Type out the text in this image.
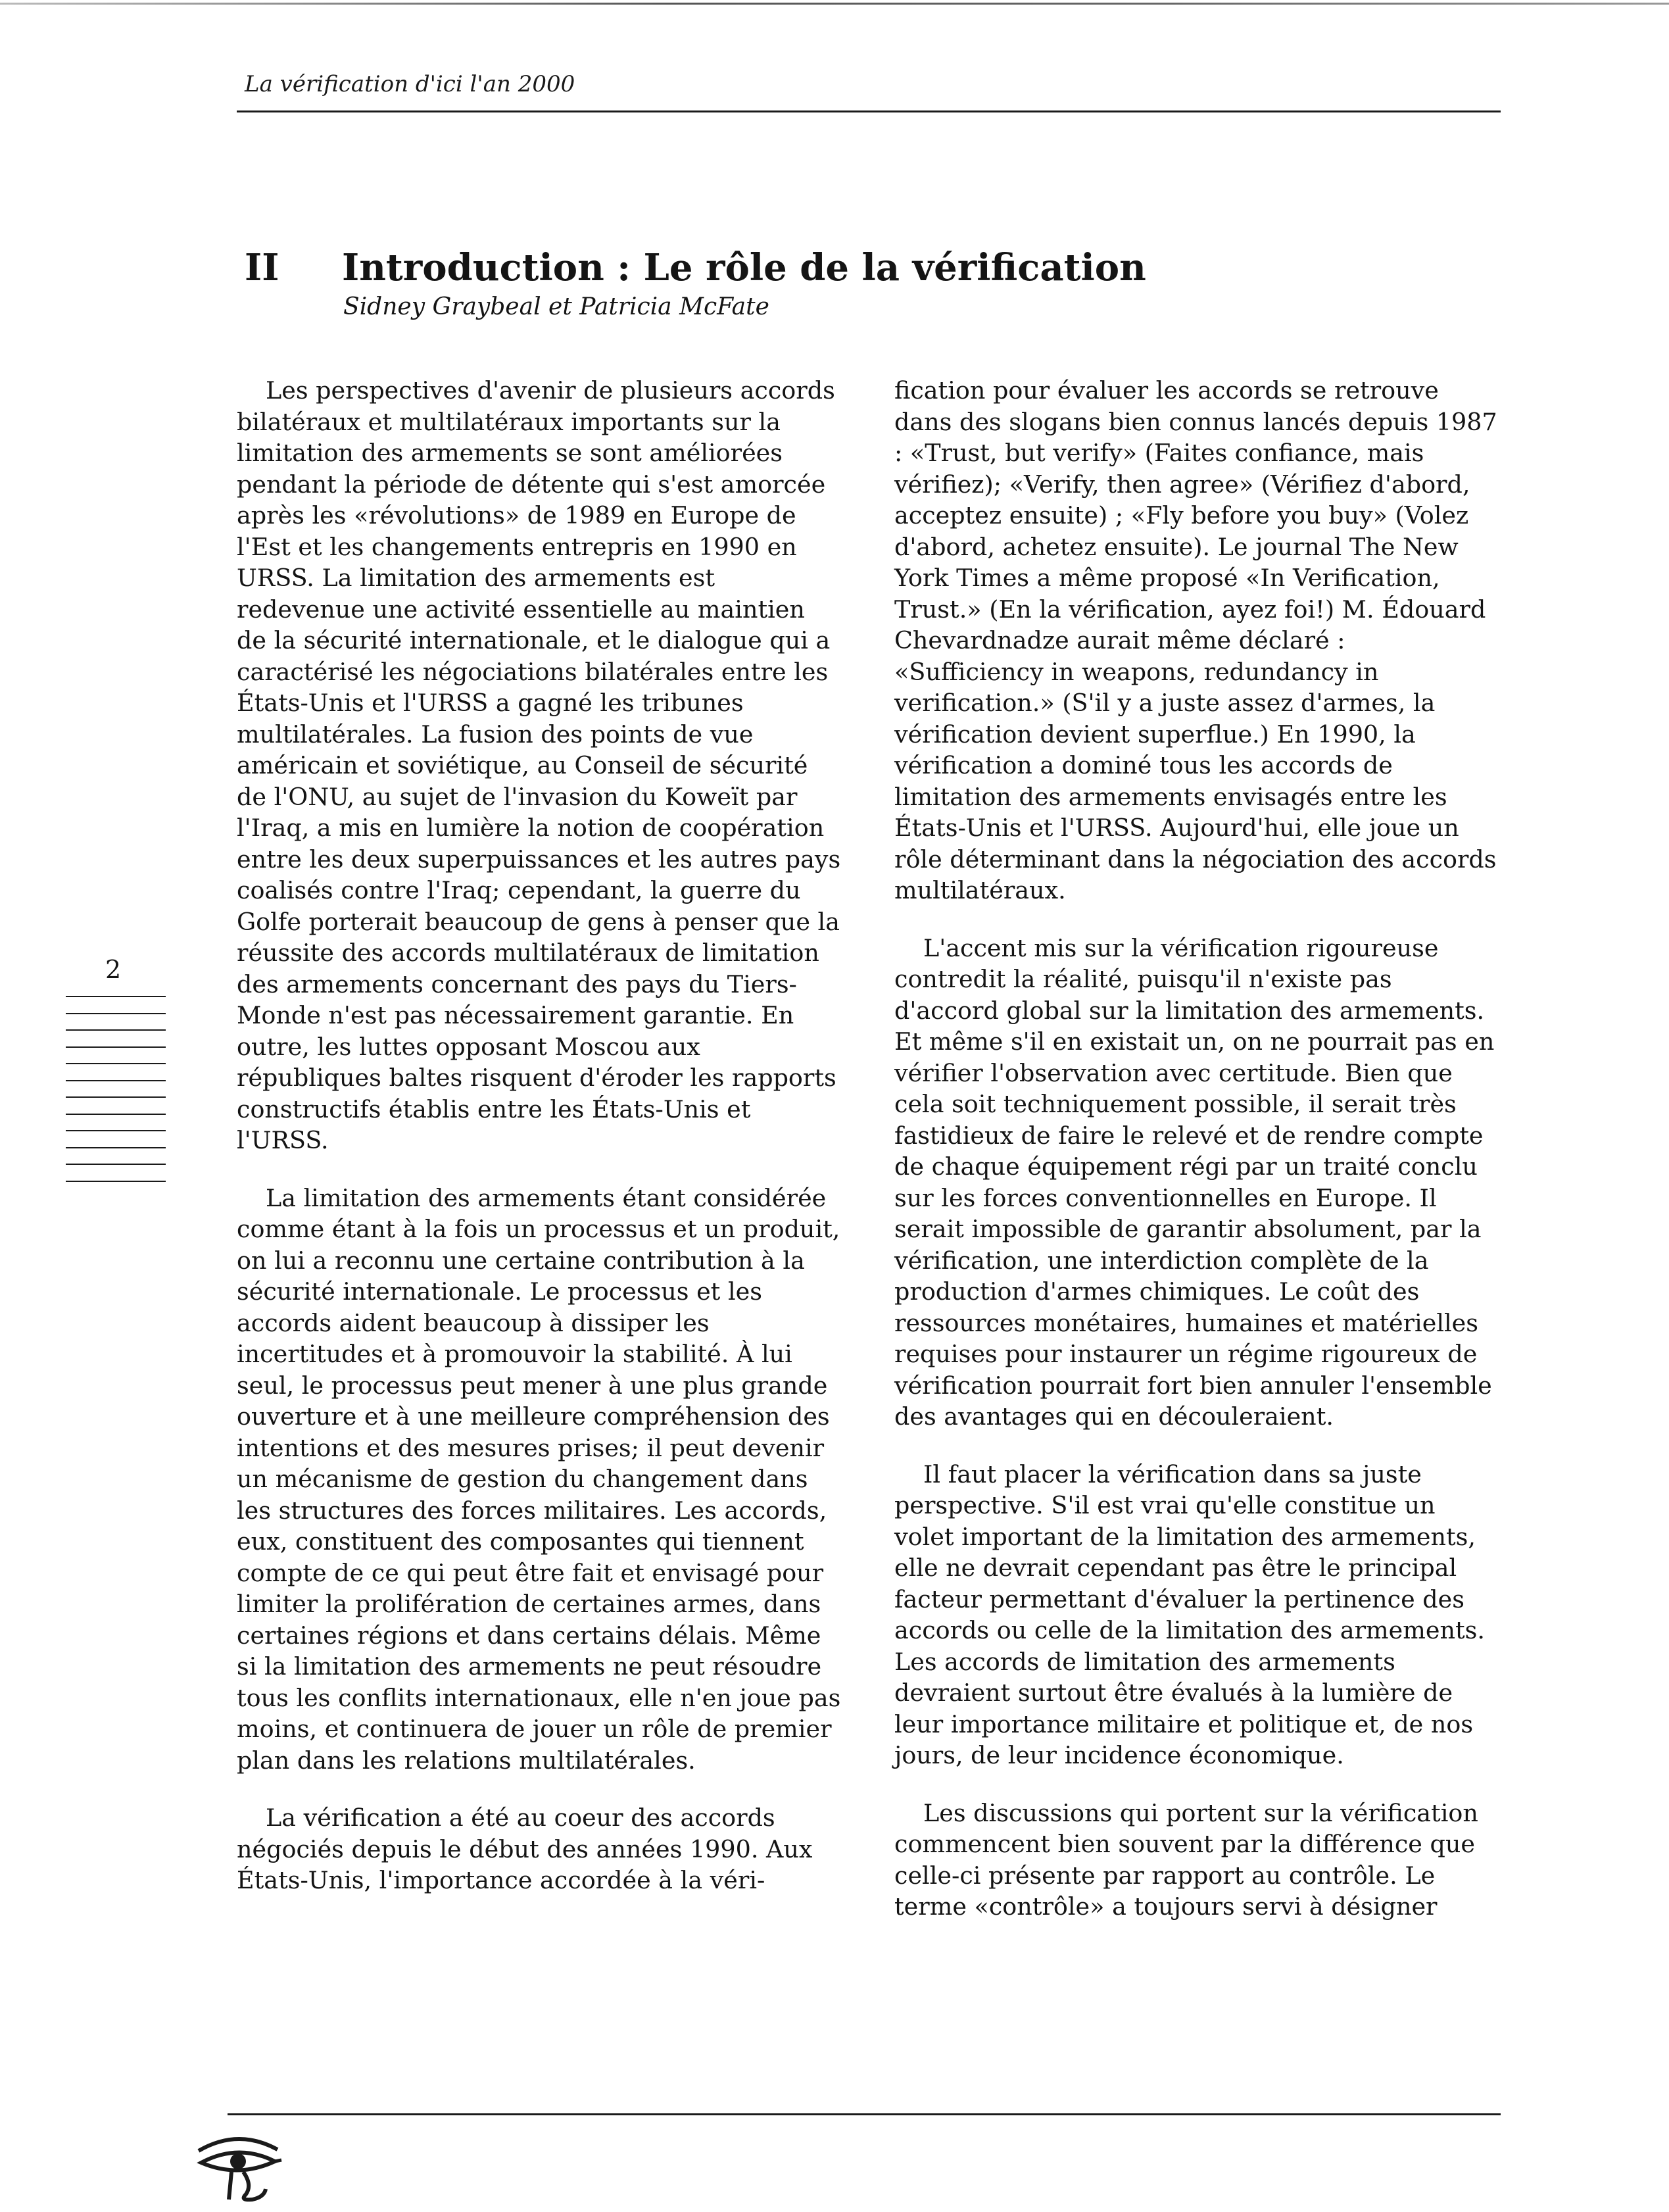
La vérification d'ici l'an 2000
II Introduction : Le rôle de la vérification
Sidney Graybeal et Patricia McFate

Les perspectives d'avenir de plusieurs accords bilatéraux et multilatéraux importants sur la limitation des armements se sont améliorées pendant la période de détente qui s'est amorcée après les «révolutions» de 1989 en Europe de l'Est et les changements entrepris en 1990 en URSS. La limitation des armements est redevenue une activité essentielle au maintien de la sécurité internationale, et le dialogue qui a caractérisé les négociations bilatérales entre les États-Unis et l'URSS a gagné les tribunes multilatérales. La fusion des points de vue américain et soviétique, au Conseil de sécurité de l'ONU, au sujet de l'invasion du Koweït par l'Iraq, a mis en lumière la notion de coopération entre les deux superpuissances et les autres pays coalisés contre l'Iraq; cependant, la guerre du Golfe porterait beaucoup de gens à penser que la réussite des accords multilatéraux de limitation des armements concernant des pays du Tiers-Monde n'est pas nécessairement garantie. En outre, les luttes opposant Moscou aux républiques baltes risquent d'éroder les rapports constructifs établis entre les États-Unis et l'URSS.

La limitation des armements étant considérée comme étant à la fois un processus et un produit, on lui a reconnu une certaine contribution à la sécurité internationale. Le processus et les accords aident beaucoup à dissiper les incertitudes et à promouvoir la stabilité. À lui seul, le processus peut mener à une plus grande ouverture et à une meilleure compréhension des intentions et des mesures prises; il peut devenir un mécanisme de gestion du changement dans les structures des forces militaires. Les accords, eux, constituent des composantes qui tiennent compte de ce qui peut être fait et envisagé pour limiter la prolifération de certaines armes, dans certaines régions et dans certains délais. Même si la limitation des armements ne peut résoudre tous les conflits internationaux, elle n'en joue pas moins, et continuera de jouer un rôle de premier plan dans les relations multilatérales.

La vérification a été au coeur des accords négociés depuis le début des années 1990. Aux États-Unis, l'importance accordée à la véri-

fication pour évaluer les accords se retrouve dans des slogans bien connus lancés depuis 1987 : «Trust, but verify» (Faites confiance, mais vérifiez); «Verify, then agree» (Vérifiez d'abord, acceptez ensuite) ; «Fly before you buy» (Volez d'abord, achetez ensuite). Le journal The New York Times a même proposé «In Verification, Trust.» (En la vérification, ayez foi!) M. Édouard Chevardnadze aurait même déclaré : «Sufficiency in weapons, redundancy in verification.» (S'il y a juste assez d'armes, la vérification devient superflue.) En 1990, la vérification a dominé tous les accords de limitation des armements envisagés entre les États-Unis et l'URSS. Aujourd'hui, elle joue un rôle déterminant dans la négociation des accords multilatéraux.

L'accent mis sur la vérification rigoureuse contredit la réalité, puisqu'il n'existe pas d'accord global sur la limitation des armements. Et même s'il en existait un, on ne pourrait pas en vérifier l'observation avec certitude. Bien que cela soit techniquement possible, il serait très fastidieux de faire le relevé et de rendre compte de chaque équipement régi par un traité conclu sur les forces conventionnelles en Europe. Il serait impossible de garantir absolument, par la vérification, une interdiction complète de la production d'armes chimiques. Le coût des ressources monétaires, humaines et matérielles requises pour instaurer un régime rigoureux de vérification pourrait fort bien annuler l'ensemble des avantages qui en découleraient.

Il faut placer la vérification dans sa juste perspective. S'il est vrai qu'elle constitue un volet important de la limitation des armements, elle ne devrait cependant pas être le principal facteur permettant d'évaluer la pertinence des accords ou celle de la limitation des armements. Les accords de limitation des armements devraient surtout être évalués à la lumière de leur importance militaire et politique et, de nos jours, de leur incidence économique.

Les discussions qui portent sur la vérification commencent bien souvent par la différence que celle-ci présente par rapport au contrôle. Le terme «contrôle» a toujours servi à désigner

2
